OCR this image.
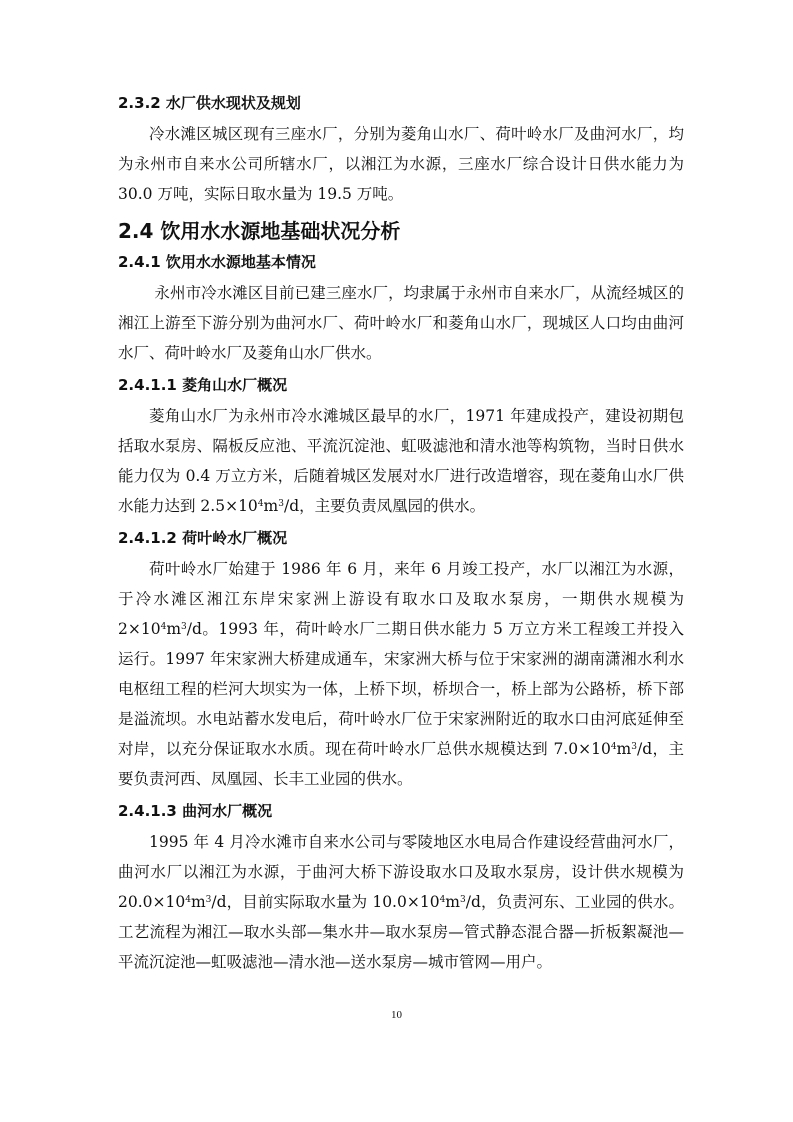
2.3.2 水厂供水现状及规划

冷水滩区城区现有三座水厂，分别为菱角山水厂、荷叶岭水厂及曲河水厂，均为永州市自来水公司所辖水厂，以湘江为水源，三座水厂综合设计日供水能力为 30.0 万吨，实际日取水量为 19.5 万吨。

2.4 饮用水水源地基础状况分析
2.4.1 饮用水水源地基本情况

永州市冷水滩区目前已建三座水厂，均隶属于永州市自来水厂，从流经城区的湘江上游至下游分别为曲河水厂、荷叶岭水厂和菱角山水厂，现城区人口均由曲河水厂、荷叶岭水厂及菱角山水厂供水。

2.4.1.1 菱角山水厂概况

菱角山水厂为永州市冷水滩城区最早的水厂，1971 年建成投产，建设初期包括取水泵房、隔板反应池、平流沉淀池、虹吸滤池和清水池等构筑物，当时日供水能力仅为 0.4 万立方米，后随着城区发展对水厂进行改造增容，现在菱角山水厂供水能力达到 $2.5\times 10^4m^3/d$，主要负责凤凰园的供水。

2.4.1.2 荷叶岭水厂概况

荷叶岭水厂始建于 1986 年 6 月，来年 6 月竣工投产，水厂以湘江为水源，于冷水滩区湘江东岸宋家洲上游设有取水口及取水泵房，一期供水规模为 $2\times 10^4m^3/d$。1993 年，荷叶岭水厂二期日供水能力 5 万立方米工程竣工并投入运行。1997 年宋家洲大桥建成通车，宋家洲大桥与位于宋家洲的湖南潇湘水利水电枢纽工程的栏河大坝实为一体，上桥下坝，桥坝合一，桥上部为公路桥，桥下部是溢流坝。水电站蓄水发电后，荷叶岭水厂位于宋家洲附近的取水口由河底延伸至对岸，以充分保证取水水质。现在荷叶岭水厂总供水规模达到 $7.0\times 10^4m^3/d$，主要负责河西、凤凰园、长丰工业园的供水。

2.4.1.3 曲河水厂概况

1995 年 4 月冷水滩市自来水公司与零陵地区水电局合作建设经营曲河水厂，曲河水厂以湘江为水源，于曲河大桥下游设取水口及取水泵房，设计供水规模为 $20.0\times 10^4m^3/d$，目前实际取水量为 $10.0\times 10^4m^3/d$，负责河东、工业园的供水。工艺流程为湘江—取水头部—集水井—取水泵房—管式静态混合器—折板絮凝池—平流沉淀池—虹吸滤池—清水池—送水泵房—城市管网—用户。

10
